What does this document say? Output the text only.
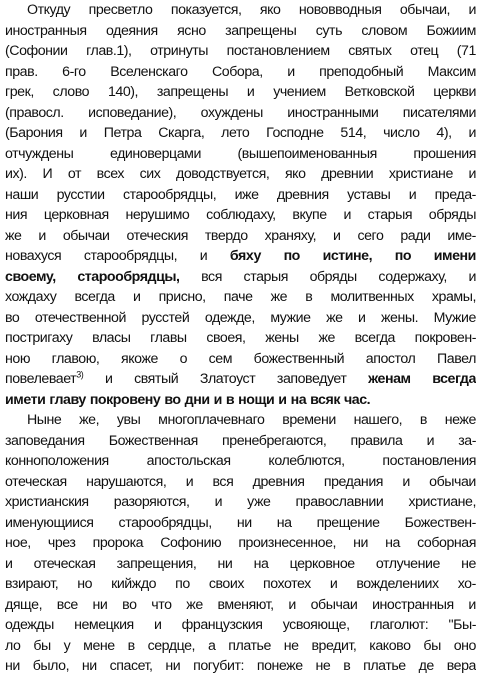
Откуду пресветло показуется, яко нововводныя обычаи, и
иностранныя одеяния ясно запрещены суть словом Божиим
(Софонии глав.1), отринуты постановлением святых отец (71
прав. 6-го Вселенскаго Собора, и преподобный Максим
грек, слово 140), запрещены и учением Ветковской церкви
(правосл. исповедание), охуждены иностранными писателями
(Барония и Петра Скарга, лето Господне 514, число 4), и
отчуждены	единоверцами	(вышепоименованныя	прошения
их). И от всех сих доводствуется, яко древнии христиане и
наши русстии старообрядцы, иже древния уставы и преда-
ния церковная нерушимо соблюдаху, вкупе и старыя обряды
же и обычаи отеческия твердо храняху, и сего ради име-
новахуся старообрядцы, и бяху по истине, по имени
своему, старообрядцы, вся старыя обряды содержаху, и
хождаху всегда и присно, паче же в молитвенных храмы,
во отечественной русстей одежде, мужие же и жены. Мужие
постригаху власы главы своея, жены же всегда покровен-
ною главою, якоже о сем божественный апостол Павел
повелевает$^{3)}$ и святый Златоуст заповедует женам всегда
имети главу покровену во дни и в нощи и на всяк час.
Ныне же, увы многоплачевнаго времени нашего, в неже
заповедания Божественная пренебрегаются, правила и за-
конноположения	апостольская	колеблются,	постановления
отеческая нарушаются, и вся древния предания и обычаи
христианския разоряются, и уже православнии христиане,
именующиися старообрядцы, ни на прещение Божествен-
ное, чрез пророка Софонию произнесенное, ни на соборная
и отеческая запрещения, ни на церковное отлучение не
взирают, но кийждо по своих похотех и вожделениих хо-
дяще, все ни во что же вменяют, и обычаи иностранныя и
одежды немецкия и французския усвояюще, глаголют: "Бы-
ло бы у мене в сердце, а платье не вредит, каково бы оно
ни было, ни спасет, ни погубит: понеже не в платье де вера
